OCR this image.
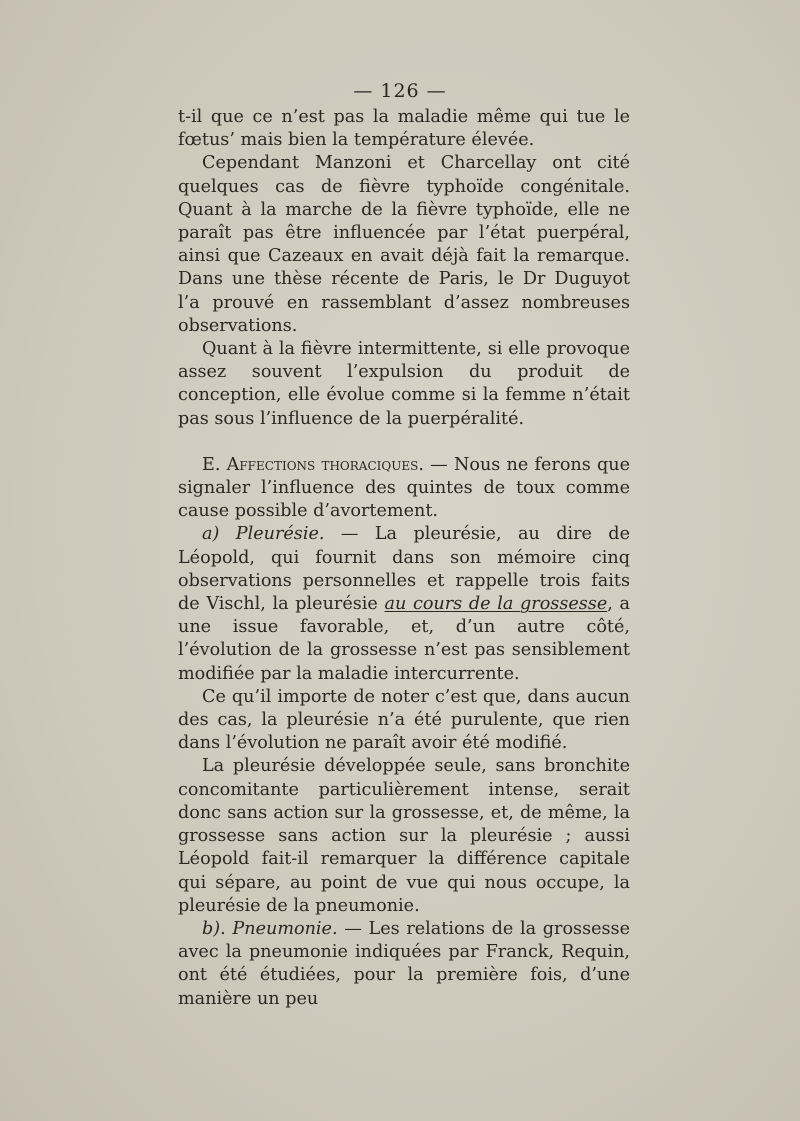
— 126 —

t-il que ce n’est pas la maladie même qui tue le fœtus’ mais bien la température élevée.

Cependant Manzoni et Charcellay ont cité quelques cas de fièvre typhoïde congénitale. Quant à la marche de la fièvre typhoïde, elle ne paraît pas être influencée par l’état puerpéral, ainsi que Cazeaux en avait déjà fait la remarque. Dans une thèse récente de Paris, le Dr Duguyot l’a prouvé en rassemblant d’assez nombreuses observations.

Quant à la fièvre intermittente, si elle provoque assez souvent l’expulsion du produit de conception, elle évolue comme si la femme n’était pas sous l’influence de la puerpéralité.

E. Affections thoraciques. — Nous ne ferons que signaler l’influence des quintes de toux comme cause possible d’avortement.

a) Pleurésie. — La pleurésie, au dire de Léopold, qui fournit dans son mémoire cinq observations personnelles et rappelle trois faits de Vischl, la pleurésie au cours de la grossesse, a une issue favorable, et, d’un autre côté, l’évolution de la grossesse n’est pas sensiblement modifiée par la maladie intercurrente.

Ce qu’il importe de noter c’est que, dans aucun des cas, la pleurésie n’a été purulente, que rien dans l’évolution ne paraît avoir été modifié.

La pleurésie développée seule, sans bronchite concomitante particulièrement intense, serait donc sans action sur la grossesse, et, de même, la grossesse sans action sur la pleurésie ; aussi Léopold fait-il remarquer la différence capitale qui sépare, au point de vue qui nous occupe, la pleurésie de la pneumonie.

b). Pneumonie. — Les relations de la grossesse avec la pneumonie indiquées par Franck, Requin, ont été étudiées, pour la première fois, d’une manière un peu
